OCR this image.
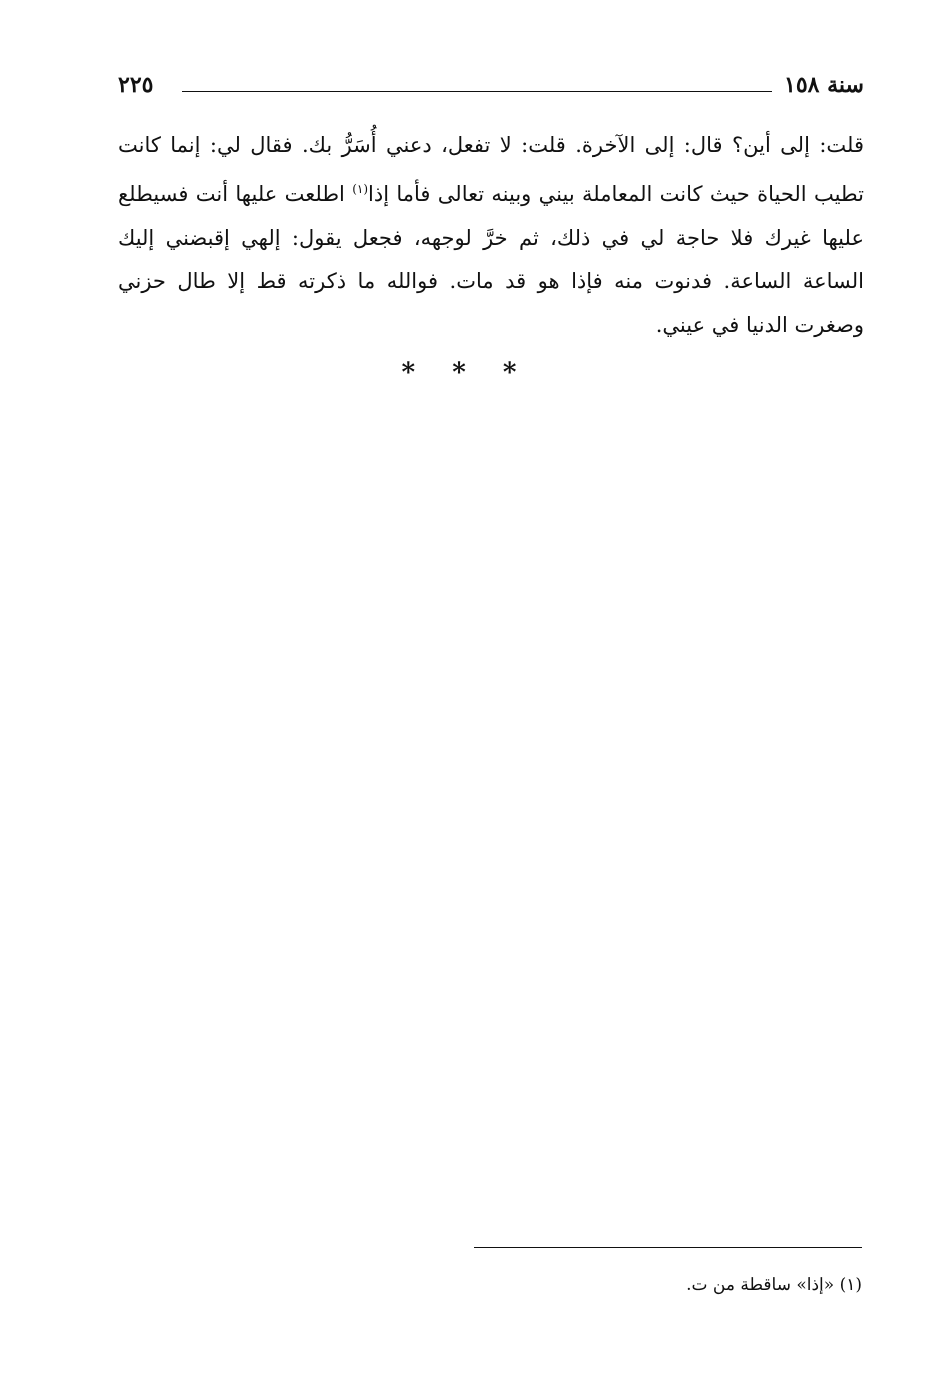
سنة ١٥٨
٢٢٥
قلت: إلى أين؟ قال: إلى الآخرة. قلت: لا تفعل، دعني أُسَرُّ بك. فقال لي: إنما كانت تطيب الحياة حيث كانت المعاملة بيني وبينه تعالى فأما إذا$^{(١)}$ اطلعت عليها أنت فسيطلع عليها غيرك فلا حاجة لي في ذلك، ثم خرَّ لوجهه، فجعل يقول: إلهي إقبضني إليك الساعة الساعة. فدنوت منه فإذا هو قد مات. فوالله ما ذكرته قط إلا طال حزني وصغرت الدنيا في عيني.
* * *
(١) «إذا» ساقطة من ت.
